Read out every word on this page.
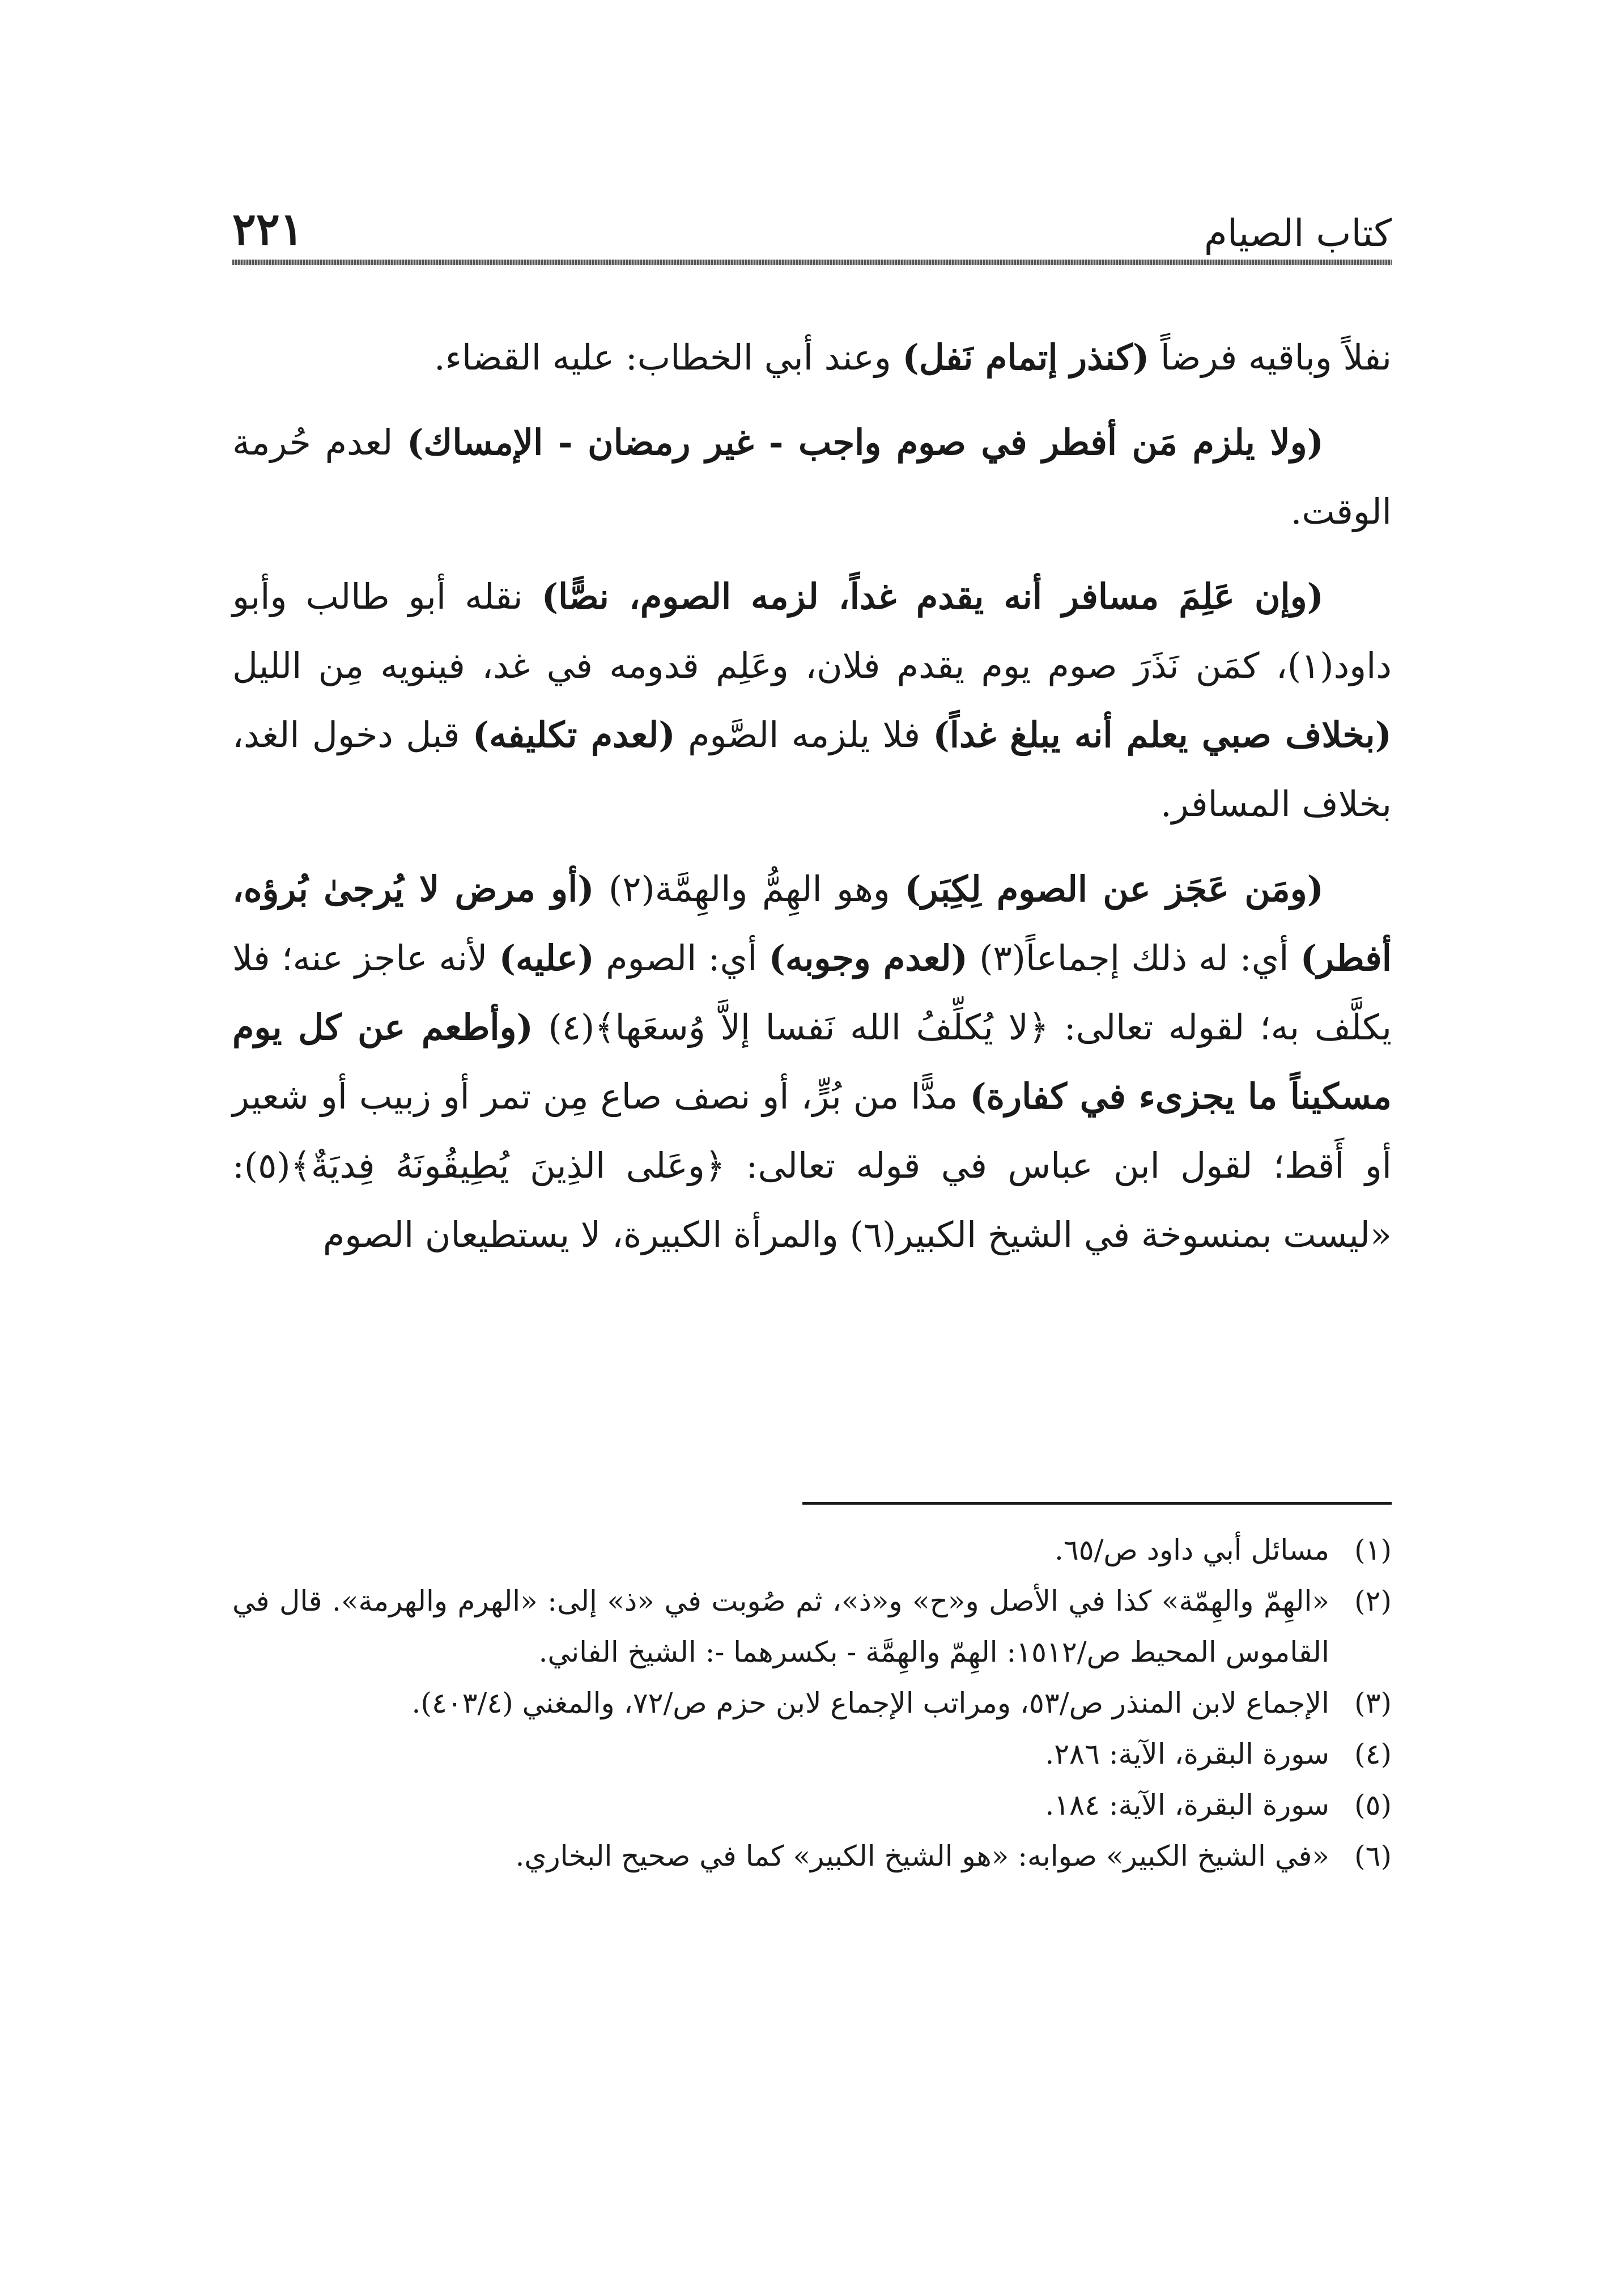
٢٢١	كتاب الصيام

نفلاً وباقيه فرضاً (كنذر إتمام نَفل) وعند أبي الخطاب: عليه القضاء.

(ولا يلزم مَن أفطر في صوم واجب - غير رمضان - الإمساك) لعدم حُرمة الوقت.

(وإن عَلِمَ مسافر أنه يقدم غداً، لزمه الصوم، نصًّا) نقله أبو طالب وأبو داود(١)، كمَن نَذَرَ صوم يوم يقدم فلان، وعَلِم قدومه في غد، فينويه مِن الليل (بخلاف صبي يعلم أنه يبلغ غداً) فلا يلزمه الصَّوم (لعدم تكليفه) قبل دخول الغد، بخلاف المسافر.

(ومَن عَجَز عن الصوم لِكِبَر) وهو الهِمُّ والهِمَّة(٢) (أو مرض لا يُرجىٰ بُرؤه، أفطر) أي: له ذلك إجماعاً(٣) (لعدم وجوبه) أي: الصوم (عليه) لأنه عاجز عنه؛ فلا يكلَّف به؛ لقوله تعالى: ﴿لا يُكلِّفُ الله نَفسا إلاَّ وُسعَها﴾(٤) (وأطعم عن كل يوم مسكيناً ما يجزىء في كفارة) مدًّا من بُرٍّ، أو نصف صاع مِن تمر أو زبيب أو شعير أو أَقط؛ لقول ابن عباس في قوله تعالى: ﴿وعَلى الذِينَ يُطِيقُونَهُ فِديَةٌ﴾(٥): «ليست بمنسوخة في الشيخ الكبير(٦) والمرأة الكبيرة، لا يستطيعان الصوم

(١)
مسائل أبي داود ص/٦٥.
(٢)
«الهِمّ والهِمّة» كذا في الأصل و«ح» و«ذ»، ثم صُوبت في «ذ» إلى: «الهرم والهرمة». قال في القاموس المحيط ص/١٥١٢: الهِمّ والهِمَّة - بكسرهما -: الشيخ الفاني.
(٣)
الإجماع لابن المنذر ص/٥٣، ومراتب الإجماع لابن حزم ص/٧٢، والمغني (٤٠٣/٤).
(٤)
سورة البقرة، الآية: ٢٨٦.
(٥)
سورة البقرة، الآية: ١٨٤.
(٦)
«في الشيخ الكبير» صوابه: «هو الشيخ الكبير» كما في صحيح البخاري.
